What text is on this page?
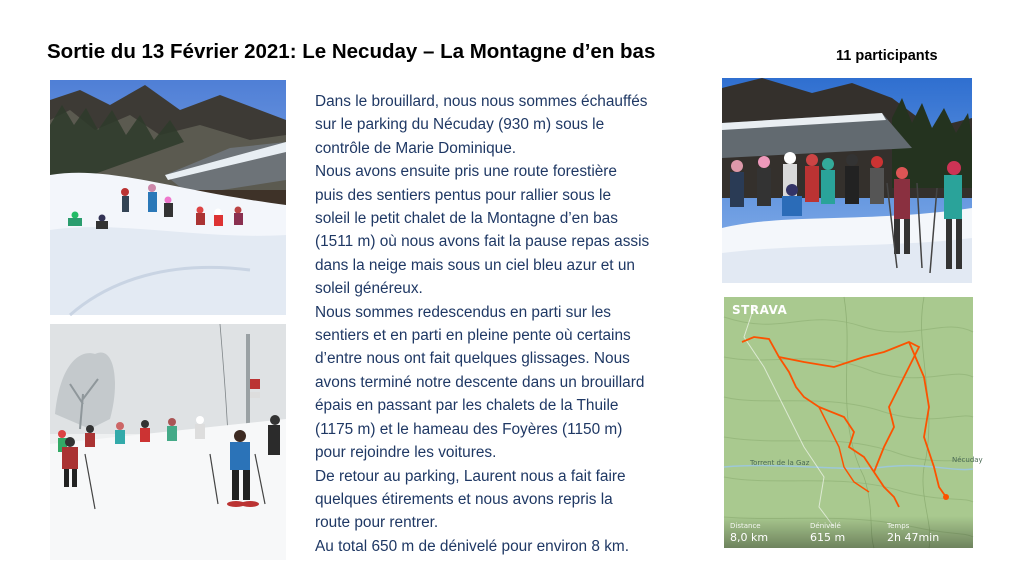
Sortie du 13 Février 2021: Le Necuday – La Montagne d’en bas	11 participants

Dans le brouillard, nous nous sommes échauffés

sur le parking du Nécuday (930 m) sous le

contrôle de Marie Dominique.

Nous avons ensuite pris une route forestière

puis des sentiers pentus pour rallier sous le

soleil le petit chalet de la Montagne d’en bas

(1511 m) où nous avons fait la pause repas assis

dans la neige mais sous un ciel bleu azur et un

soleil généreux.

Nous sommes redescendus en parti sur les

sentiers et en parti en pleine pente où certains

d’entre nous ont fait quelques glissages. Nous

avons terminé notre descente dans un brouillard

épais en passant par les chalets de la Thuile

(1175 m) et le hameau des Foyères (1150 m)

pour rejoindre les voitures.

De retour au parking, Laurent nous a fait faire

quelques étirements et nous avons repris la

route pour rentrer.

Au total 650 m de dénivelé pour environ 8 km.

STRAVA
Torrent de la Gaz	Nécuday
Distance
8,0 km
Dénivelé
615 m
Temps
2h 47min
